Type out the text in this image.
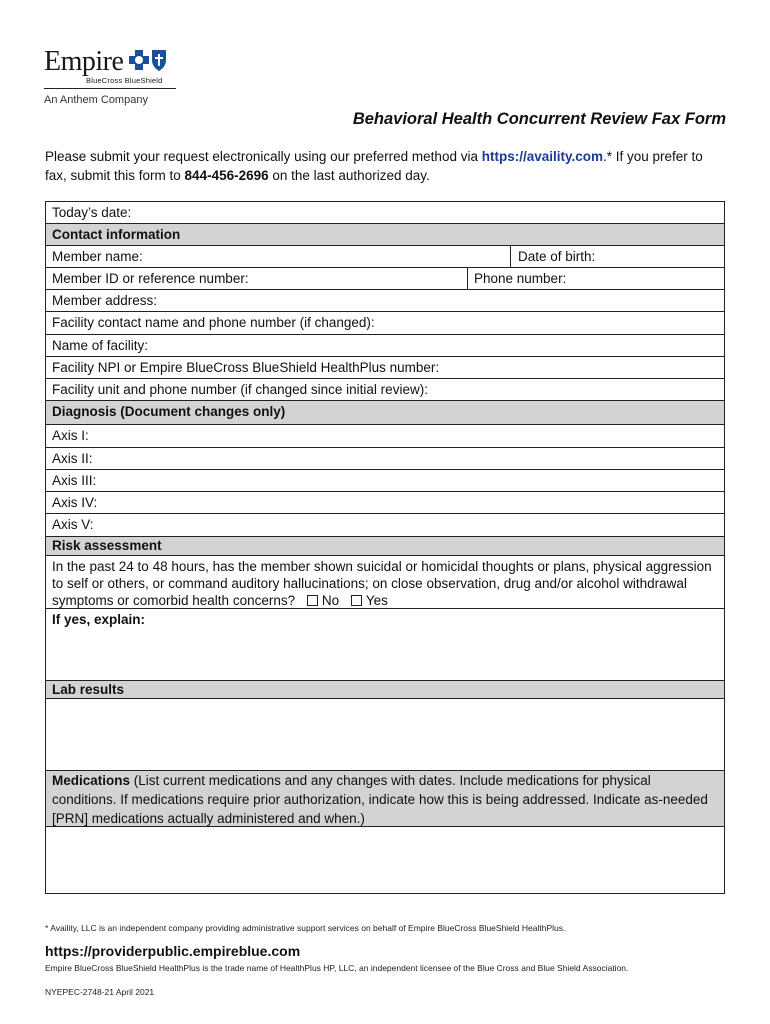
Empire
BlueCross BlueShield
An Anthem Company
Behavioral Health Concurrent Review Fax Form
Please submit your request electronically using our preferred method via https://availity.com.* If you prefer to fax, submit this form to 844-456-2696 on the last authorized day.
Today’s date:
Contact information
Member name:	Date of birth:
Member ID or reference number:	Phone number:
Member address:
Facility contact name and phone number (if changed):
Name of facility:
Facility NPI or Empire BlueCross BlueShield HealthPlus number:
Facility unit and phone number (if changed since initial review):
Diagnosis (Document changes only)
Axis I:
Axis II:
Axis III:
Axis IV:
Axis V:
Risk assessment
In the past 24 to 48 hours, has the member shown suicidal or homicidal thoughts or plans, physical aggression to self or others, or command auditory hallucinations; on close observation, drug and/or alcohol withdrawal symptoms or comorbid health concerns? No Yes
If yes, explain:
Lab results
Medications (List current medications and any changes with dates. Include medications for physical conditions. If medications require prior authorization, indicate how this is being addressed. Indicate as-needed [PRN] medications actually administered and when.)
* Availity, LLC is an independent company providing administrative support services on behalf of Empire BlueCross BlueShield HealthPlus.
https://providerpublic.empireblue.com
Empire BlueCross BlueShield HealthPlus is the trade name of HealthPlus HP, LLC, an independent licensee of the Blue Cross and Blue Shield Association.
NYEPEC-2748-21 April 2021
